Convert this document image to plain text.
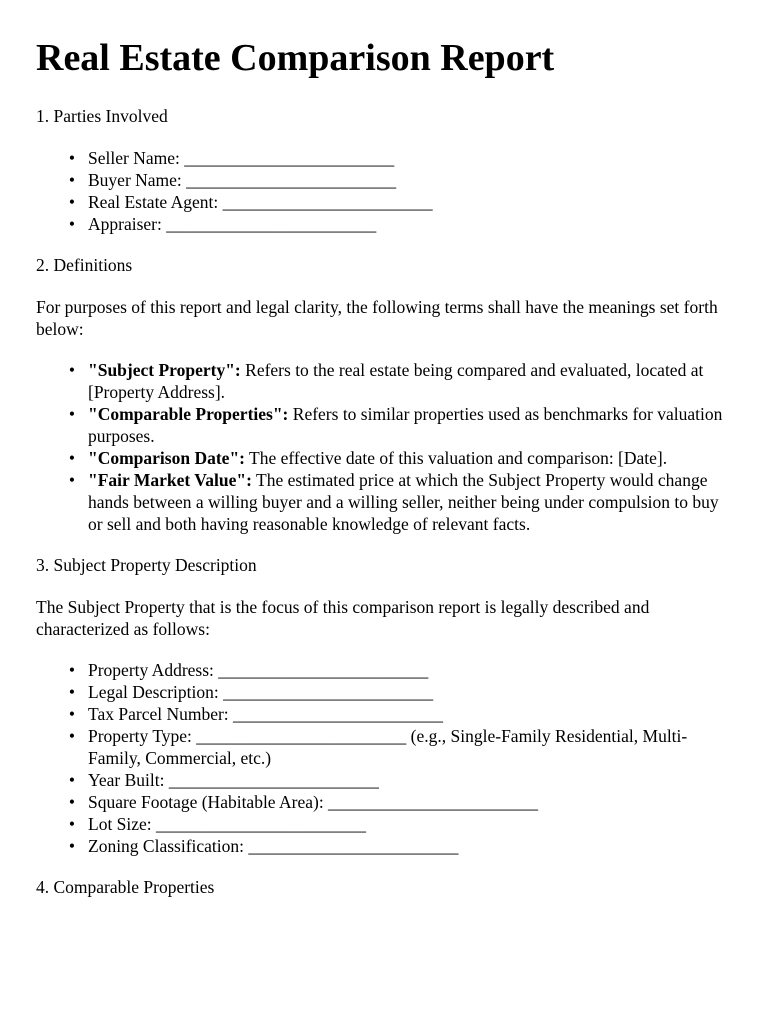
Real Estate Comparison Report
1. Parties Involved
• Seller Name: ________________________
• Buyer Name: ________________________
• Real Estate Agent: ________________________
• Appraiser: ________________________
2. Definitions

For purposes of this report and legal clarity, the following terms shall have the meanings set forth below:

• "Subject Property": Refers to the real estate being compared and evaluated, located at [Property Address].
• "Comparable Properties": Refers to similar properties used as benchmarks for valuation purposes.
• "Comparison Date": The effective date of this valuation and comparison: [Date].
• "Fair Market Value": The estimated price at which the Subject Property would change hands between a willing buyer and a willing seller, neither being under compulsion to buy or sell and both having reasonable knowledge of relevant facts.
3. Subject Property Description

The Subject Property that is the focus of this comparison report is legally described and characterized as follows:

• Property Address: ________________________
• Legal Description: ________________________
• Tax Parcel Number: ________________________
• Property Type: ________________________ (e.g., Single-Family Residential, Multi-Family, Commercial, etc.)
• Year Built: ________________________
• Square Footage (Habitable Area): ________________________
• Lot Size: ________________________
• Zoning Classification: ________________________
4. Comparable Properties
